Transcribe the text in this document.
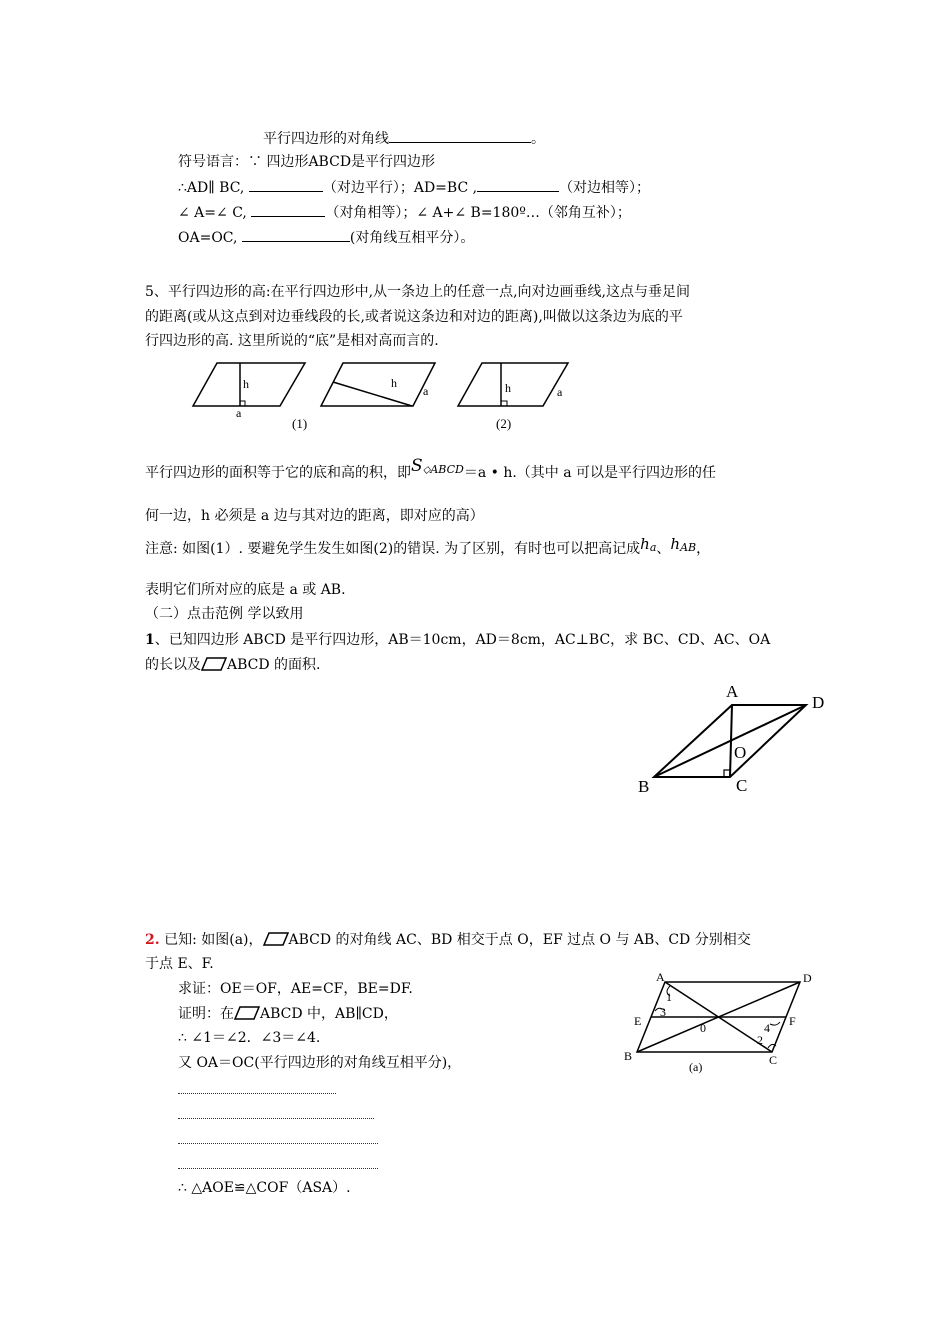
平行四边形的对角线	。
符号语言：∵ 四边形ABCD是平行四边形
∴AD∥ BC,	（对边平行）；AD=BC ,	（对边相等）；
∠ A=∠ C,	（对角相等）；∠ A+∠ B=180º…（邻角互补）；
OA=OC,	(对角线互相平分）。
5、平行四边形的高:在平行四边形中,从一条边上的任意一点,向对边画垂线,这点与垂足间
的距离(或从这点到对边垂线段的长,或者说这条边和对边的距离),叫做以这条边为底的平
行四边形的高. 这里所说的“底”是相对高而言的.
h
a
h
a
(1)
h	a
(2)
平行四边形的面积等于它的底和高的积，即$S^{⬦ABCD}=a$ • h.（其中 a 可以是平行四边形的任
何一边，h 必须是 a 边与其对边的距离，即对应的高）
注意: 如图(1）. 要避免学生发生如图(2)的错误. 为了区别，有时也可以把高记成ha、hAB，
表明它们所对应的底是 a 或 AB.
（二）点击范例 学以致用
1、已知四边形 ABCD 是平行四边形，AB＝10cm，AD＝8cm，AC⊥BC，求 BC、CD、AC、OA
的长以及 ABCD 的面积.
A
D
O
B	C
2. 已知: 如图(a)， ABCD 的对角线 AC、BD 相交于点 O，EF 过点 O 与 AB、CD 分别相交
于点 E、F.
求证：OE＝OF，AE=CF，BE=DF.
证明：在 ABCD 中，AB∥CD，
∴ ∠1＝∠2．∠3＝∠4.
又 OA＝OC(平行四边形的对角线互相平分)，
∴ △AOE≌△COF（ASA）.
A	D
E	F
B	C
0
1
2
3
4
(a)
